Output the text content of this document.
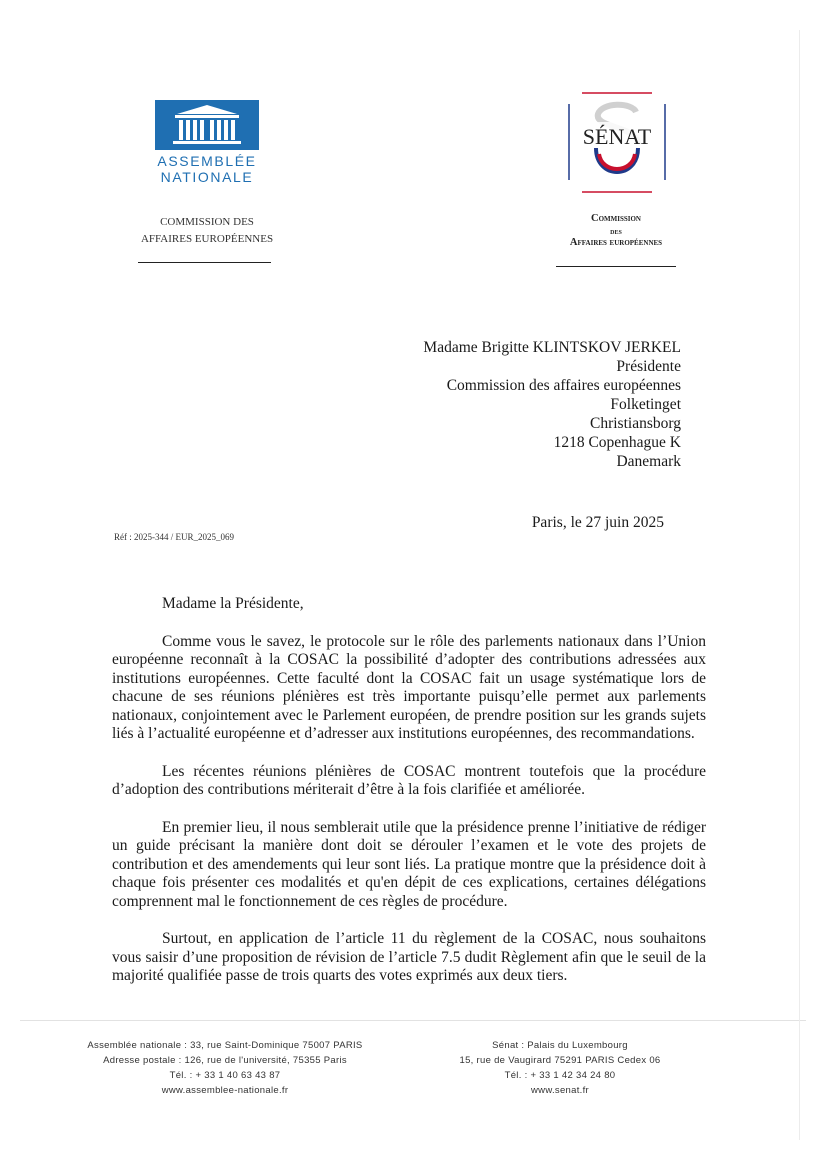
ASSEMBLÉE
NATIONALE
COMMISSION DES
AFFAIRES EUROPÉENNES
SÉNAT
Commission
des
Affaires européennes
Madame Brigitte KLINTSKOV JERKEL
Présidente
Commission des affaires européennes
Folketinget
Christiansborg
1218 Copenhague K
Danemark
Paris, le 27 juin 2025
Réf : 2025-344 / EUR_2025_069

Madame la Présidente,

Comme vous le savez, le protocole sur le rôle des parlements nationaux dans l’Union européenne reconnaît à la COSAC la possibilité d’adopter des contributions adressées aux institutions européennes. Cette faculté dont la COSAC fait un usage systématique lors de chacune de ses réunions plénières est très importante puisqu’elle permet aux parlements nationaux, conjointement avec le Parlement européen, de prendre position sur les grands sujets liés à l’actualité européenne et d’adresser aux institutions européennes, des recommandations.

Les récentes réunions plénières de COSAC montrent toutefois que la procédure d’adoption des contributions mériterait d’être à la fois clarifiée et améliorée.

En premier lieu, il nous semblerait utile que la présidence prenne l’initiative de rédiger un guide précisant la manière dont doit se dérouler l’examen et le vote des projets de contribution et des amendements qui leur sont liés. La pratique montre que la présidence doit à chaque fois présenter ces modalités et qu'en dépit de ces explications, certaines délégations comprennent mal le fonctionnement de ces règles de procédure.

Surtout, en application de l’article 11 du règlement de la COSAC, nous souhaitons vous saisir d’une proposition de révision de l’article 7.5 dudit Règlement afin que le seuil de la majorité qualifiée passe de trois quarts des votes exprimés aux deux tiers.

Assemblée nationale : 33, rue Saint-Dominique 75007 PARIS
Adresse postale : 126, rue de l'université, 75355 Paris
Tél. : + 33 1 40 63 43 87
www.assemblee-nationale.fr
Sénat : Palais du Luxembourg
15, rue de Vaugirard 75291 PARIS Cedex 06
Tél. : + 33 1 42 34 24 80
www.senat.fr
